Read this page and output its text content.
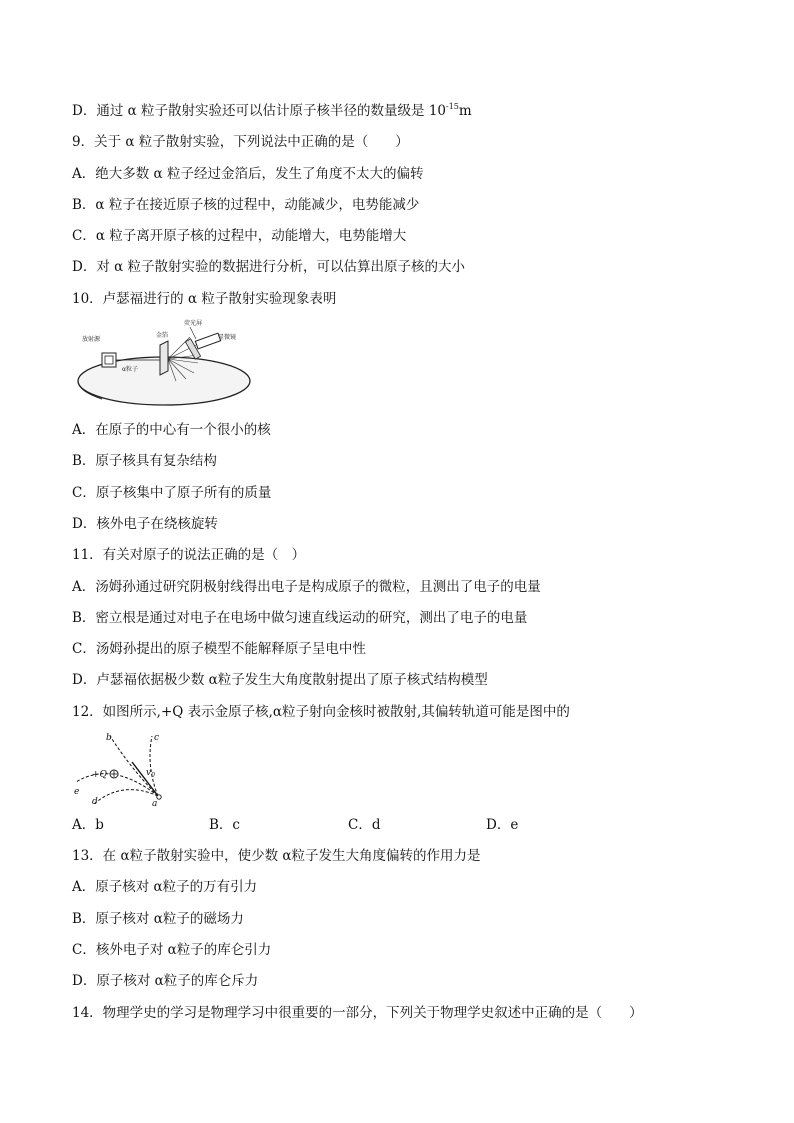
D．通过 α 粒子散射实验还可以估计原子核半径的数量级是 $10^{-15}m$
9．关于 α 粒子散射实验，下列说法中正确的是（　　）
A．绝大多数 α 粒子经过金箔后，发生了角度不太大的偏转
B．α 粒子在接近原子核的过程中，动能减少，电势能减少
C．α 粒子离开原子核的过程中，动能增大，电势能增大
D．对 α 粒子散射实验的数据进行分析，可以估算出原子核的大小
10．卢瑟福进行的 α 粒子散射实验现象表明
放射源
金箔
荧光屏
显微镜
α粒子
A．在原子的中心有一个很小的核
B．原子核具有复杂结构
C．原子核集中了原子所有的质量
D．核外电子在绕核旋转
11．有关对原子的说法正确的是（　）
A．汤姆孙通过研究阴极射线得出电子是构成原子的微粒，且测出了电子的电量
B．密立根是通过对电子在电场中做匀速直线运动的研究，测出了电子的电量
C．汤姆孙提出的原子模型不能解释原子呈电中性
D．卢瑟福依据极少数 α粒子发生大角度散射提出了原子核式结构模型
12．如图所示,+Q 表示金原子核,α粒子射向金核时被散射,其偏转轨道可能是图中的
b	c
+Q	$v_0$
e
d	a
A．b	B．c	C．d	D．e
13．在 α粒子散射实验中，使少数 α粒子发生大角度偏转的作用力是
A．原子核对 α粒子的万有引力
B．原子核对 α粒子的磁场力
C．核外电子对 α粒子的库仑引力
D．原子核对 α粒子的库仑斥力
14．物理学史的学习是物理学习中很重要的一部分，下列关于物理学史叙述中正确的是（　　）
